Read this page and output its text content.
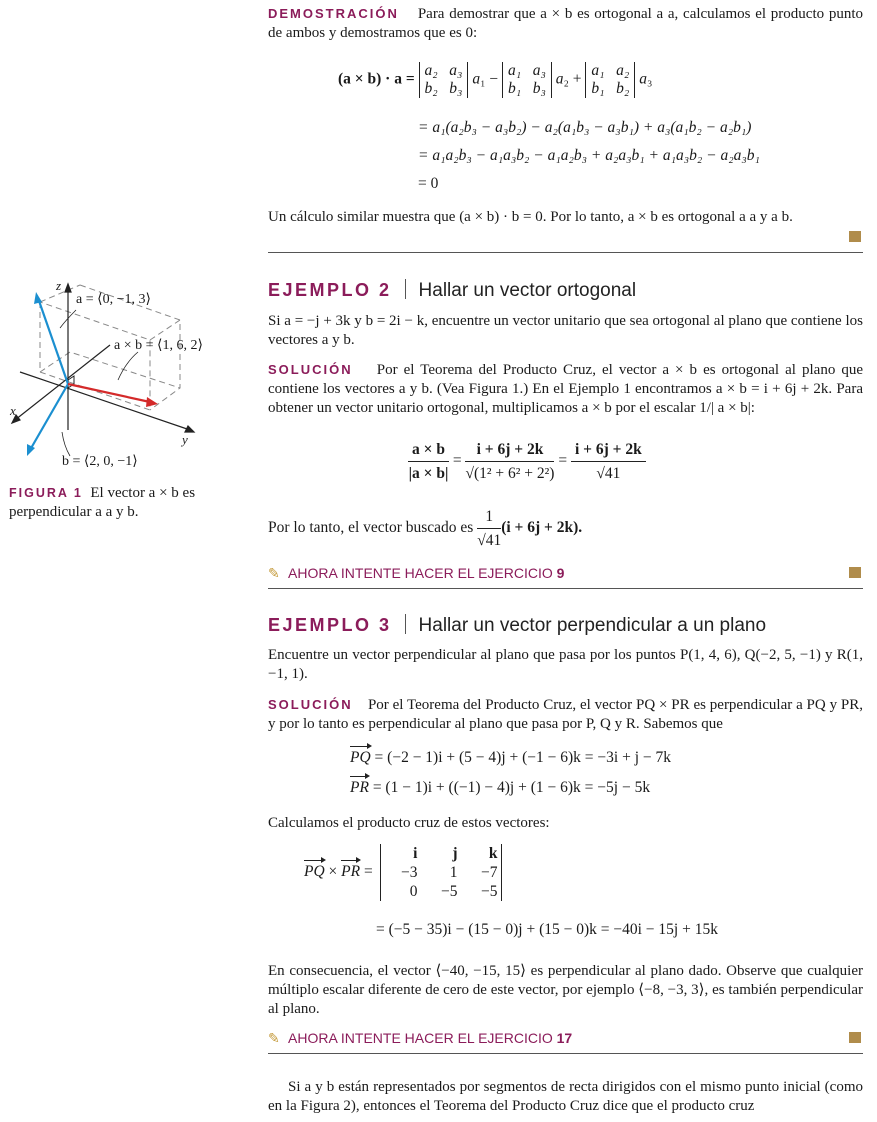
z
x
y
a = ⟨0, −1, 3⟩
a × b = ⟨1, 6, 2⟩
b = ⟨2, 0, −1⟩
FIGURA 1 El vector a × b es perpendicular a a y b.
DEMOSTRACIÓN Para demostrar que a × b es ortogonal a a, calculamos el producto punto de ambos y demostramos que es 0:
(a × b) · a =
a₂   a₃
b₂   b₃
a₁ −
a₁   a₃
b₁   b₃
a₂ +
a₁   a₂
b₁   b₂
a₃
= a₁(a₂b₃ − a₃b₂) − a₂(a₁b₃ − a₃b₁) + a₃(a₁b₂ − a₂b₁)
= a₁a₂b₃ − a₁a₃b₂ − a₁a₂b₃ + a₂a₃b₁ + a₁a₃b₂ − a₂a₃b₁
= 0
Un cálculo similar muestra que (a × b) · b = 0. Por lo tanto, a × b es ortogonal a a y a b.
EJEMPLO 2 Hallar un vector ortogonal
Si a = −j + 3k y b = 2i − k, encuentre un vector unitario que sea ortogonal al plano que contiene los vectores a y b.
SOLUCIÓN Por el Teorema del Producto Cruz, el vector a × b es ortogonal al plano que contiene los vectores a y b. (Vea Figura 1.) En el Ejemplo 1 encontramos a × b = i + 6j + 2k. Para obtener un vector unitario ortogonal, multiplicamos a × b por el escalar 1/| a × b|:
$\frac{a \times b}{|a \times b|} = \frac{i + 6j + 2k}{\text{√(1² + 6² + 2²)}} = \frac{i + 6j + 2k}{√41}$
Por lo tanto, el vector buscado es $\frac{1}{√41} (i + 6j + 2k)$.
✎ AHORA INTENTE HACER EL EJERCICIO 9
EJEMPLO 3 Hallar un vector perpendicular a un plano
Encuentre un vector perpendicular al plano que pasa por los puntos P(1, 4, 6), Q(−2, 5, −1) y R(1, −1, 1).
SOLUCIÓN Por el Teorema del Producto Cruz, el vector PQ × PR es perpendicular a PQ y PR, y por lo tanto es perpendicular al plano que pasa por P, Q y R. Sabemos que
PQ = (−2 − 1)i + (5 − 4)j + (−1 − 6)k = −3i + j − 7k
PR = (1 − 1)i + ((−1) − 4)j + (1 − 6)k = −5j − 5k
Calculamos el producto cruz de estos vectores:
PQ × PR =
i	j	k
−3	1	−7
0	−5	−5
= (−5 − 35)i − (15 − 0)j + (15 − 0)k = −40i − 15j + 15k
En consecuencia, el vector ⟨−40, −15, 15⟩ es perpendicular al plano dado. Observe que cualquier múltiplo escalar diferente de cero de este vector, por ejemplo ⟨−8, −3, 3⟩, es también perpendicular al plano.
✎ AHORA INTENTE HACER EL EJERCICIO 17
Si a y b están representados por segmentos de recta dirigidos con el mismo punto inicial (como en la Figura 2), entonces el Teorema del Producto Cruz dice que el producto cruz
